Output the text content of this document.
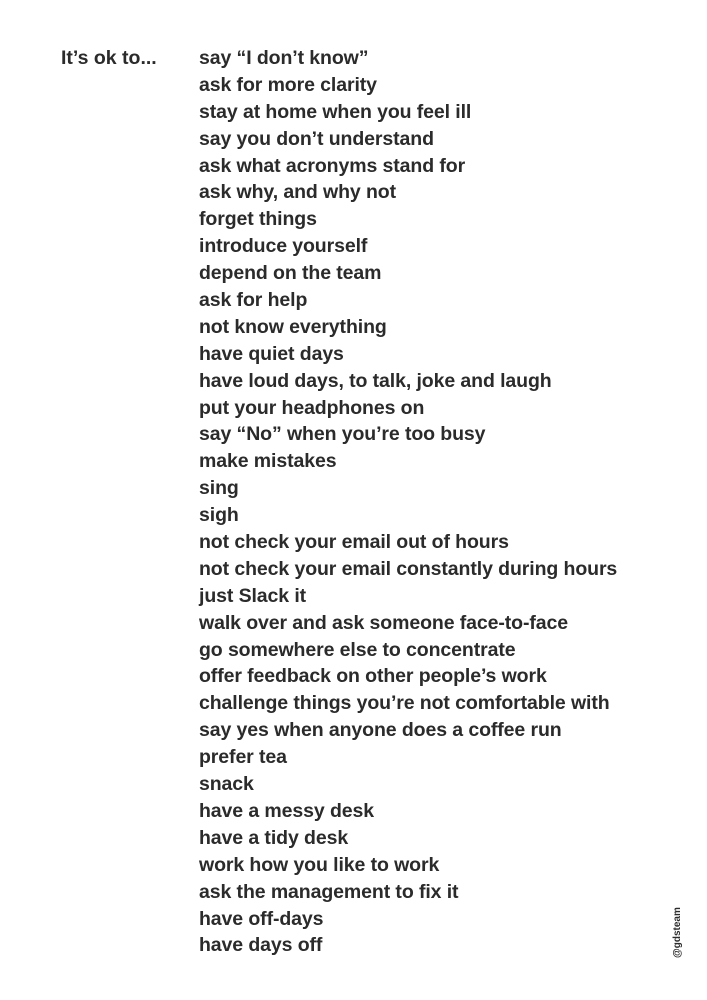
It’s ok to... say “I don’t know”
ask for more clarity
stay at home when you feel ill
say you don’t understand
ask what acronyms stand for
ask why, and why not
forget things
introduce yourself
depend on the team
ask for help
not know everything
have quiet days
have loud days, to talk, joke and laugh
put your headphones on
say “No” when you’re too busy
make mistakes
sing
sigh
not check your email out of hours
not check your email constantly during hours
just Slack it
walk over and ask someone face-to-face
go somewhere else to concentrate
offer feedback on other people’s work
challenge things you’re not comfortable with
say yes when anyone does a coffee run
prefer tea
snack
have a messy desk
have a tidy desk
work how you like to work
ask the management to fix it
have off-days
have days off	@gdsteam
